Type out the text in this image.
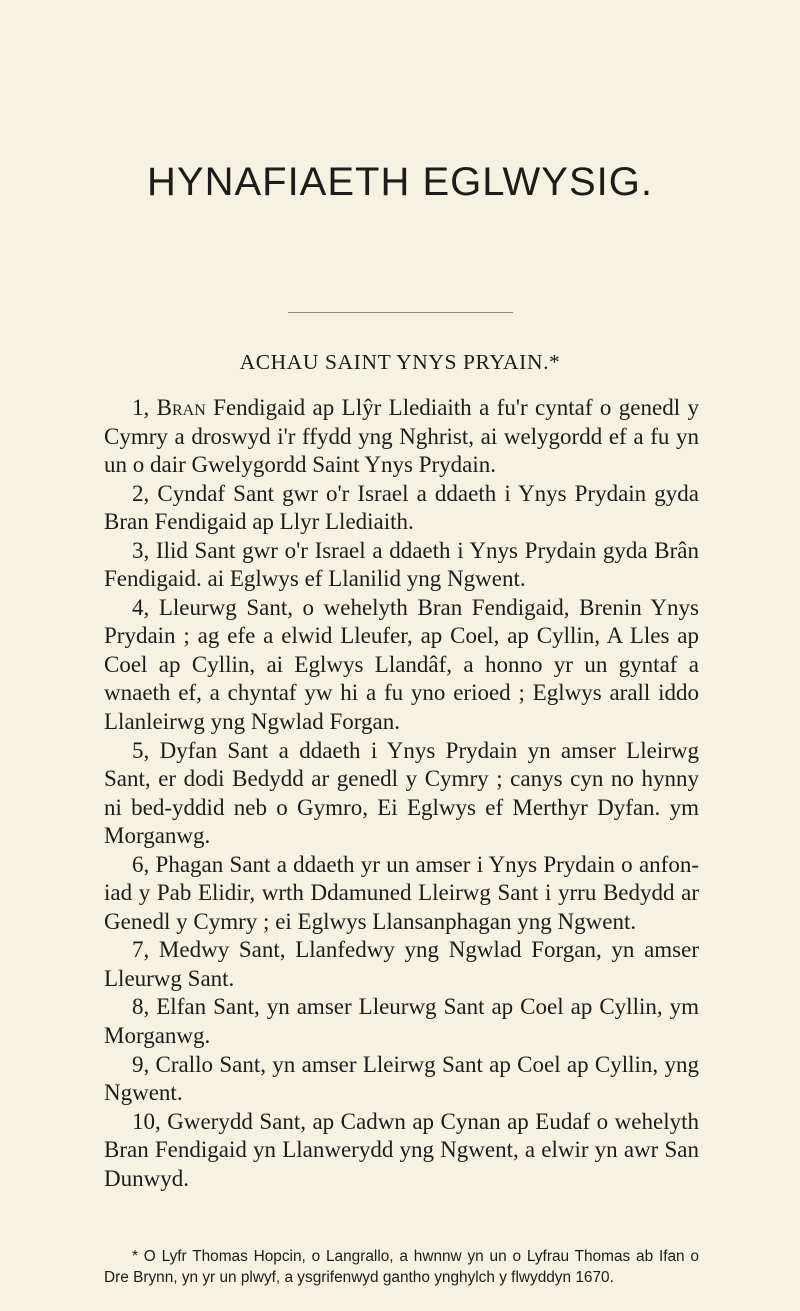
HYNAFIAETH EGLWYSIG.
ACHAU SAINT YNYS PRYAIN.*

1, Bran Fendigaid ap Llŷr Llediaith a fu'r cyntaf o genedl y Cymry a droswyd i'r ffydd yng Nghrist, ai welygordd ef a fu yn un o dair Gwelygordd Saint Ynys Prydain.

2, Cyndaf Sant gwr o'r Israel a ddaeth i Ynys Prydain gyda Bran Fendigaid ap Llyr Llediaith.

3, Ilid Sant gwr o'r Israel a ddaeth i Ynys Prydain gyda Brân Fendigaid. ai Eglwys ef Llanilid yng Ngwent.

4, Lleurwg Sant, o wehelyth Bran Fendigaid, Brenin Ynys Prydain ; ag efe a elwid Lleufer, ap Coel, ap Cyllin, A Lles ap Coel ap Cyllin, ai Eglwys Llandâf, a honno yr un gyntaf a wnaeth ef, a chyntaf yw hi a fu yno erioed ; Eglwys arall iddo Llanleirwg yng Ngwlad Forgan.

5, Dyfan Sant a ddaeth i Ynys Prydain yn amser Lleirwg Sant, er dodi Bedydd ar genedl y Cymry ; canys cyn no hynny ni bed-yddid neb o Gymro, Ei Eglwys ef Merthyr Dyfan. ym Morganwg.

6, Phagan Sant a ddaeth yr un amser i Ynys Prydain o anfon-iad y Pab Elidir, wrth Ddamuned Lleirwg Sant i yrru Bedydd ar Genedl y Cymry ; ei Eglwys Llansanphagan yng Ngwent.

7, Medwy Sant, Llanfedwy yng Ngwlad Forgan, yn amser Lleurwg Sant.

8, Elfan Sant, yn amser Lleurwg Sant ap Coel ap Cyllin, ym Morganwg.

9, Crallo Sant, yn amser Lleirwg Sant ap Coel ap Cyllin, yng Ngwent.

10, Gwerydd Sant, ap Cadwn ap Cynan ap Eudaf o wehelyth Bran Fendigaid yn Llanwerydd yng Ngwent, a elwir yn awr San Dunwyd.

* O Lyfr Thomas Hopcin, o Langrallo, a hwnnw yn un o Lyfrau Thomas ab Ifan o Dre Brynn, yn yr un plwyf, a ysgrifenwyd gantho ynghylch y flwyddyn 1670.
